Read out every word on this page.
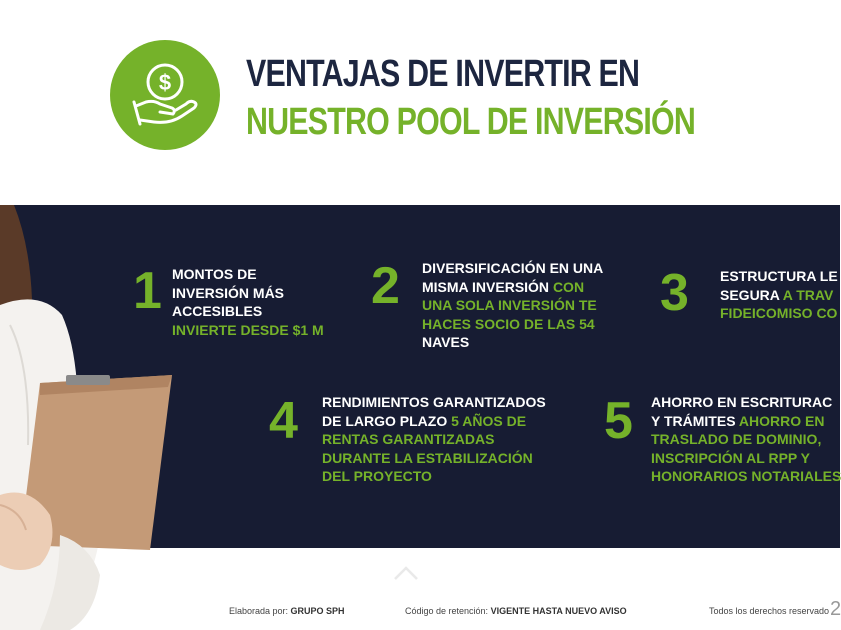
$ VENTAJAS DE INVERTIR EN
NUESTRO POOL DE INVERSIÓN
1 MONTOS DE
INVERSIÓN MÁS
ACCESIBLES
INVIERTE DESDE $1 M
2 DIVERSIFICACIÓN EN UNA
MISMA INVERSIÓN CON
UNA SOLA INVERSIÓN TE
HACES SOCIO DE LAS 54
NAVES
3 ESTRUCTURA LE
SEGURA A TRAV
FIDEICOMISO CO
4 RENDIMIENTOS GARANTIZADOS
DE LARGO PLAZO 5 AÑOS DE
RENTAS GARANTIZADAS
DURANTE LA ESTABILIZACIÓN
DEL PROYECTO
5 AHORRO EN ESCRITURAC
Y TRÁMITES AHORRO EN
TRASLADO DE DOMINIO,
INSCRIPCIÓN AL RPP Y
HONORARIOS NOTARIALES
Elaborada por: GRUPO SPH	Código de retención: VIGENTE HASTA NUEVO AVISO	Todos los derechos reservado 2
